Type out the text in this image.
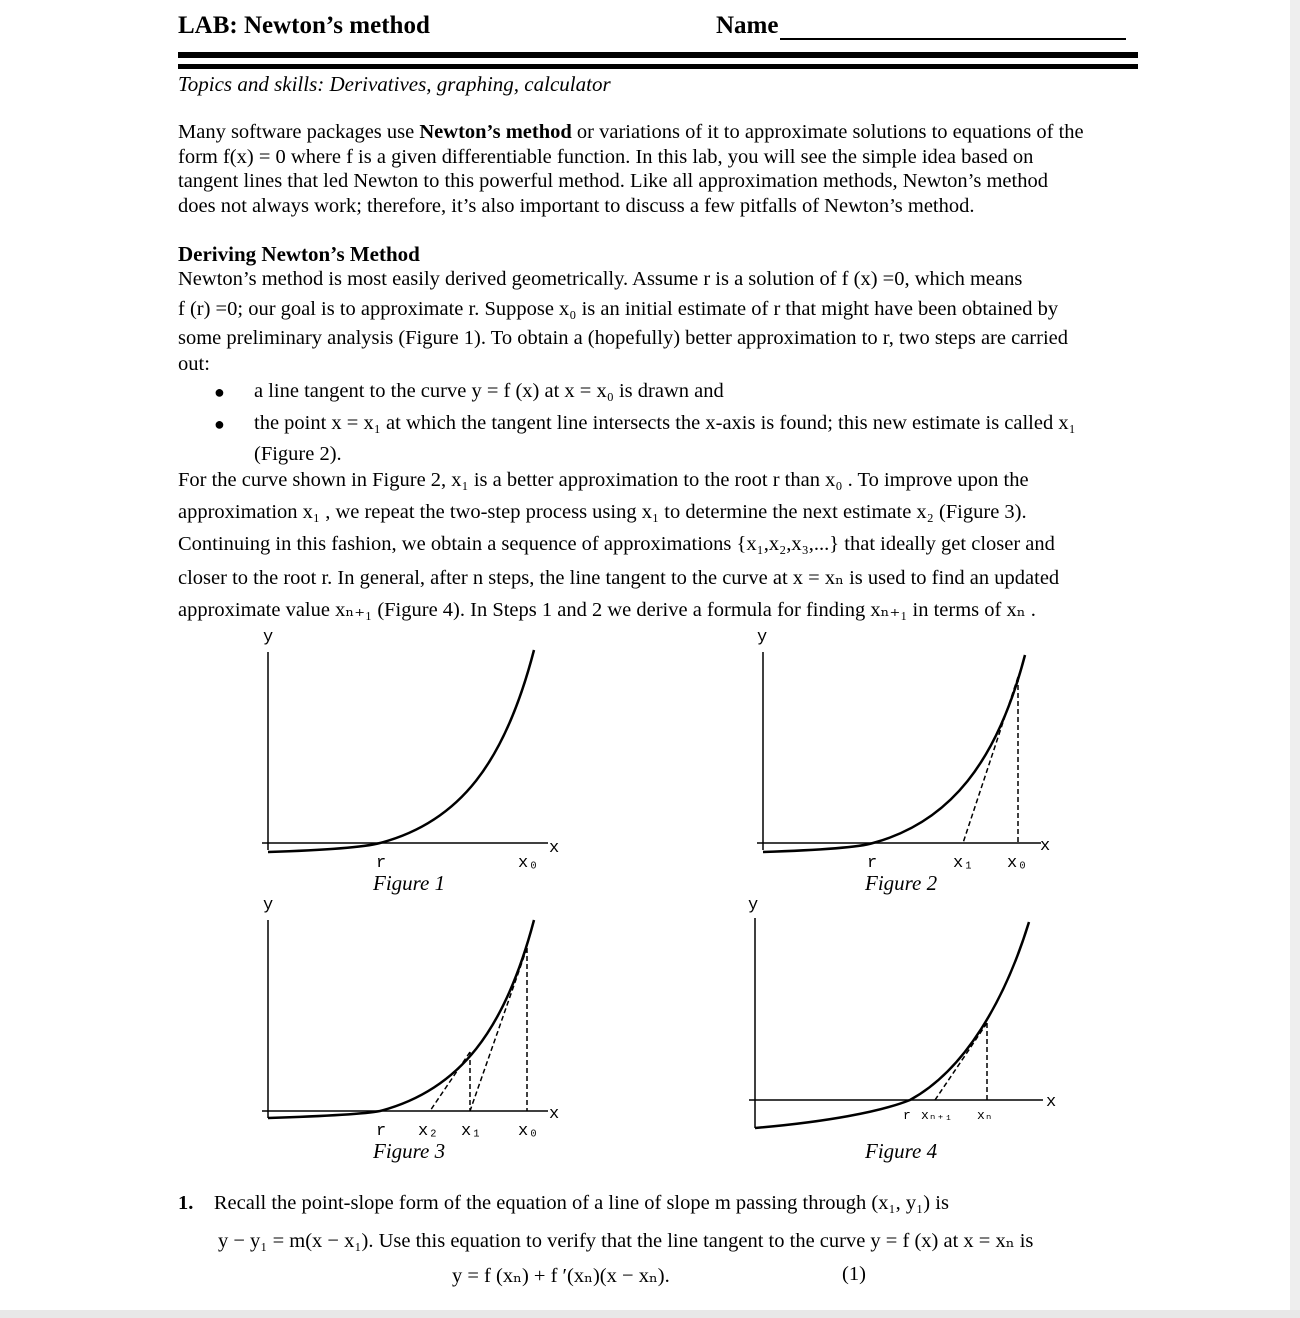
LAB: Newton’s method	Name
Topics and skills: Derivatives, graphing, calculator
Many software packages use Newton’s method or variations of it to approximate solutions to equations of the
form f(x) = 0 where f is a given differentiable function. In this lab, you will see the simple idea based on
tangent lines that led Newton to this powerful method. Like all approximation methods, Newton’s method
does not always work; therefore, it’s also important to discuss a few pitfalls of Newton’s method.
Deriving Newton’s Method
Newton’s method is most easily derived geometrically. Assume r is a solution of f (x) =0, which means
f (r) =0; our goal is to approximate r. Suppose x₀ is an initial estimate of r that might have been obtained by
some preliminary analysis (Figure 1). To obtain a (hopefully) better approximation to r, two steps are carried
out:
● a line tangent to the curve y = f (x) at x = x₀ is drawn and
● the point x = x₁ at which the tangent line intersects the x-axis is found; this new estimate is called x₁
(Figure 2).
For the curve shown in Figure 2, x₁ is a better approximation to the root r than x₀ . To improve upon the
approximation x₁ , we repeat the two-step process using x₁ to determine the next estimate x₂ (Figure 3).
Continuing in this fashion, we obtain a sequence of approximations {x₁,x₂,x₃,...} that ideally get closer and
closer to the root r. In general, after n steps, the line tangent to the curve at x = xₙ is used to find an updated
approximate value xₙ₊₁ (Figure 4). In Steps 1 and 2 we derive a formula for finding xₙ₊₁ in terms of xₙ .
y
x
r	x₀
Figure 1
y
x
r	x₁ x₀
Figure 2
y
x
r x₂ x₁ x₀
Figure 3
y
x
r xₙ₊₁ xₙ
Figure 4
1. Recall the point-slope form of the equation of a line of slope m passing through (x₁, y₁) is
y − y₁ = m(x − x₁). Use this equation to verify that the line tangent to the curve y = f (x) at x = xₙ is
y = f (xₙ) + f ′(xₙ)(x − xₙ).	(1)
